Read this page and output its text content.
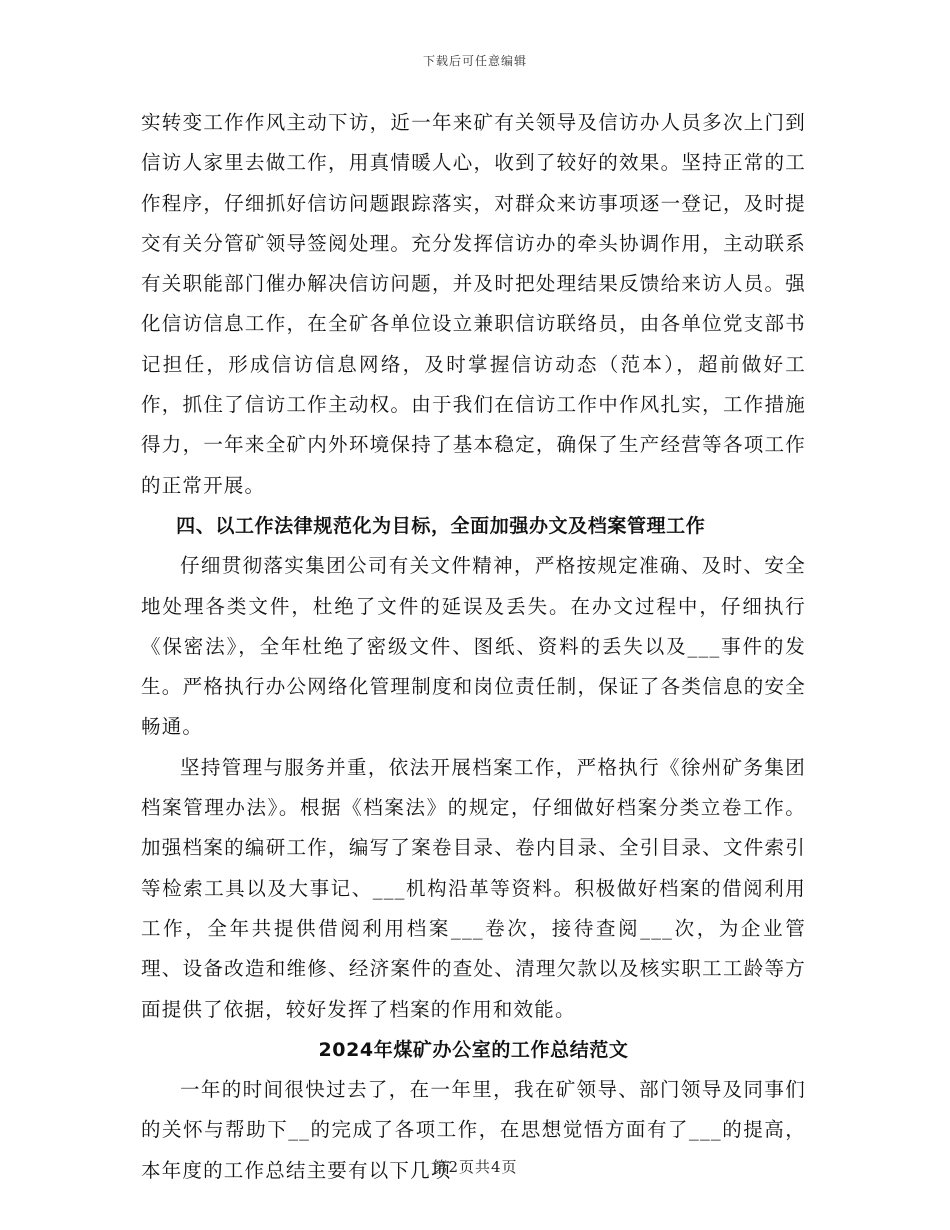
下载后可任意编辑

实转变工作作风主动下访，近一年来矿有关领导及信访办人员多次上门到信访人家里去做工作，用真情暖人心，收到了较好的效果。坚持正常的工作程序，仔细抓好信访问题跟踪落实，对群众来访事项逐一登记，及时提交有关分管矿领导签阅处理。充分发挥信访办的牵头协调作用，主动联系有关职能部门催办解决信访问题，并及时把处理结果反馈给来访人员。强化信访信息工作，在全矿各单位设立兼职信访联络员，由各单位党支部书记担任，形成信访信息网络，及时掌握信访动态（范本），超前做好工作，抓住了信访工作主动权。由于我们在信访工作中作风扎实，工作措施得力，一年来全矿内外环境保持了基本稳定，确保了生产经营等各项工作的正常开展。

四、以工作法律规范化为目标，全面加强办文及档案管理工作

仔细贯彻落实集团公司有关文件精神，严格按规定准确、及时、安全地处理各类文件，杜绝了文件的延误及丢失。在办文过程中，仔细执行《保密法》，全年杜绝了密级文件、图纸、资料的丢失以及___事件的发生。严格执行办公网络化管理制度和岗位责任制，保证了各类信息的安全畅通。

坚持管理与服务并重，依法开展档案工作，严格执行《徐州矿务集团档案管理办法》。根据《档案法》的规定，仔细做好档案分类立卷工作。加强档案的编研工作，编写了案卷目录、卷内目录、全引目录、文件索引等检索工具以及大事记、___机构沿革等资料。积极做好档案的借阅利用工作，全年共提供借阅利用档案___卷次，接待查阅___次，为企业管理、设备改造和维修、经济案件的查处、清理欠款以及核实职工工龄等方面提供了依据，较好发挥了档案的作用和效能。

2024年煤矿办公室的工作总结范文

一年的时间很快过去了，在一年里，我在矿领导、部门领导及同事们的关怀与帮助下__的完成了各项工作，在思想觉悟方面有了___的提高，本年度的工作总结主要有以下几项

第2页共4页
